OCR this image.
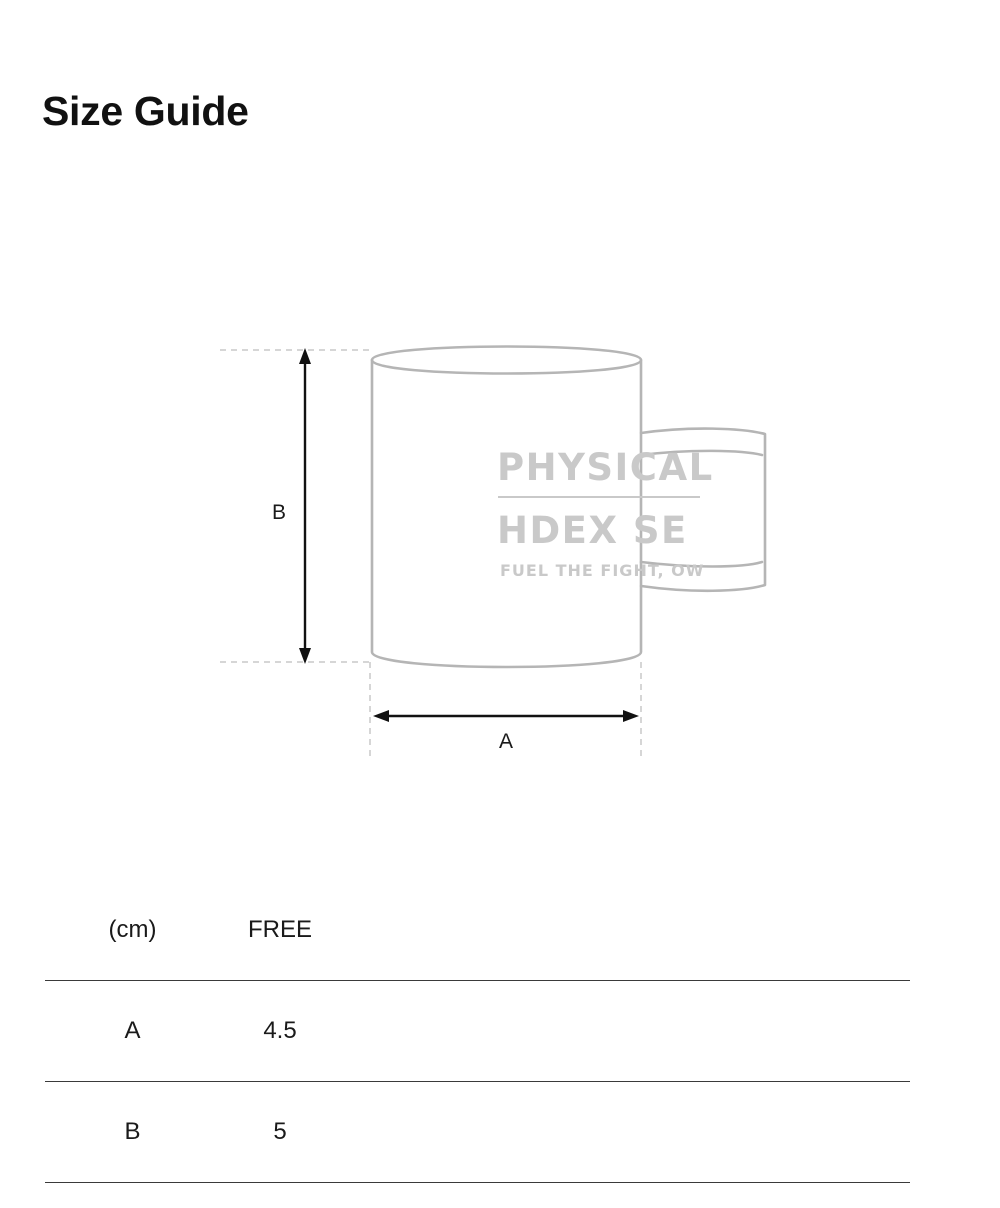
Size Guide
PHYSICAL
HDEX SE
FUEL THE FIGHT, OW
B
A
(cm)	FREE
A	4.5
B	5
